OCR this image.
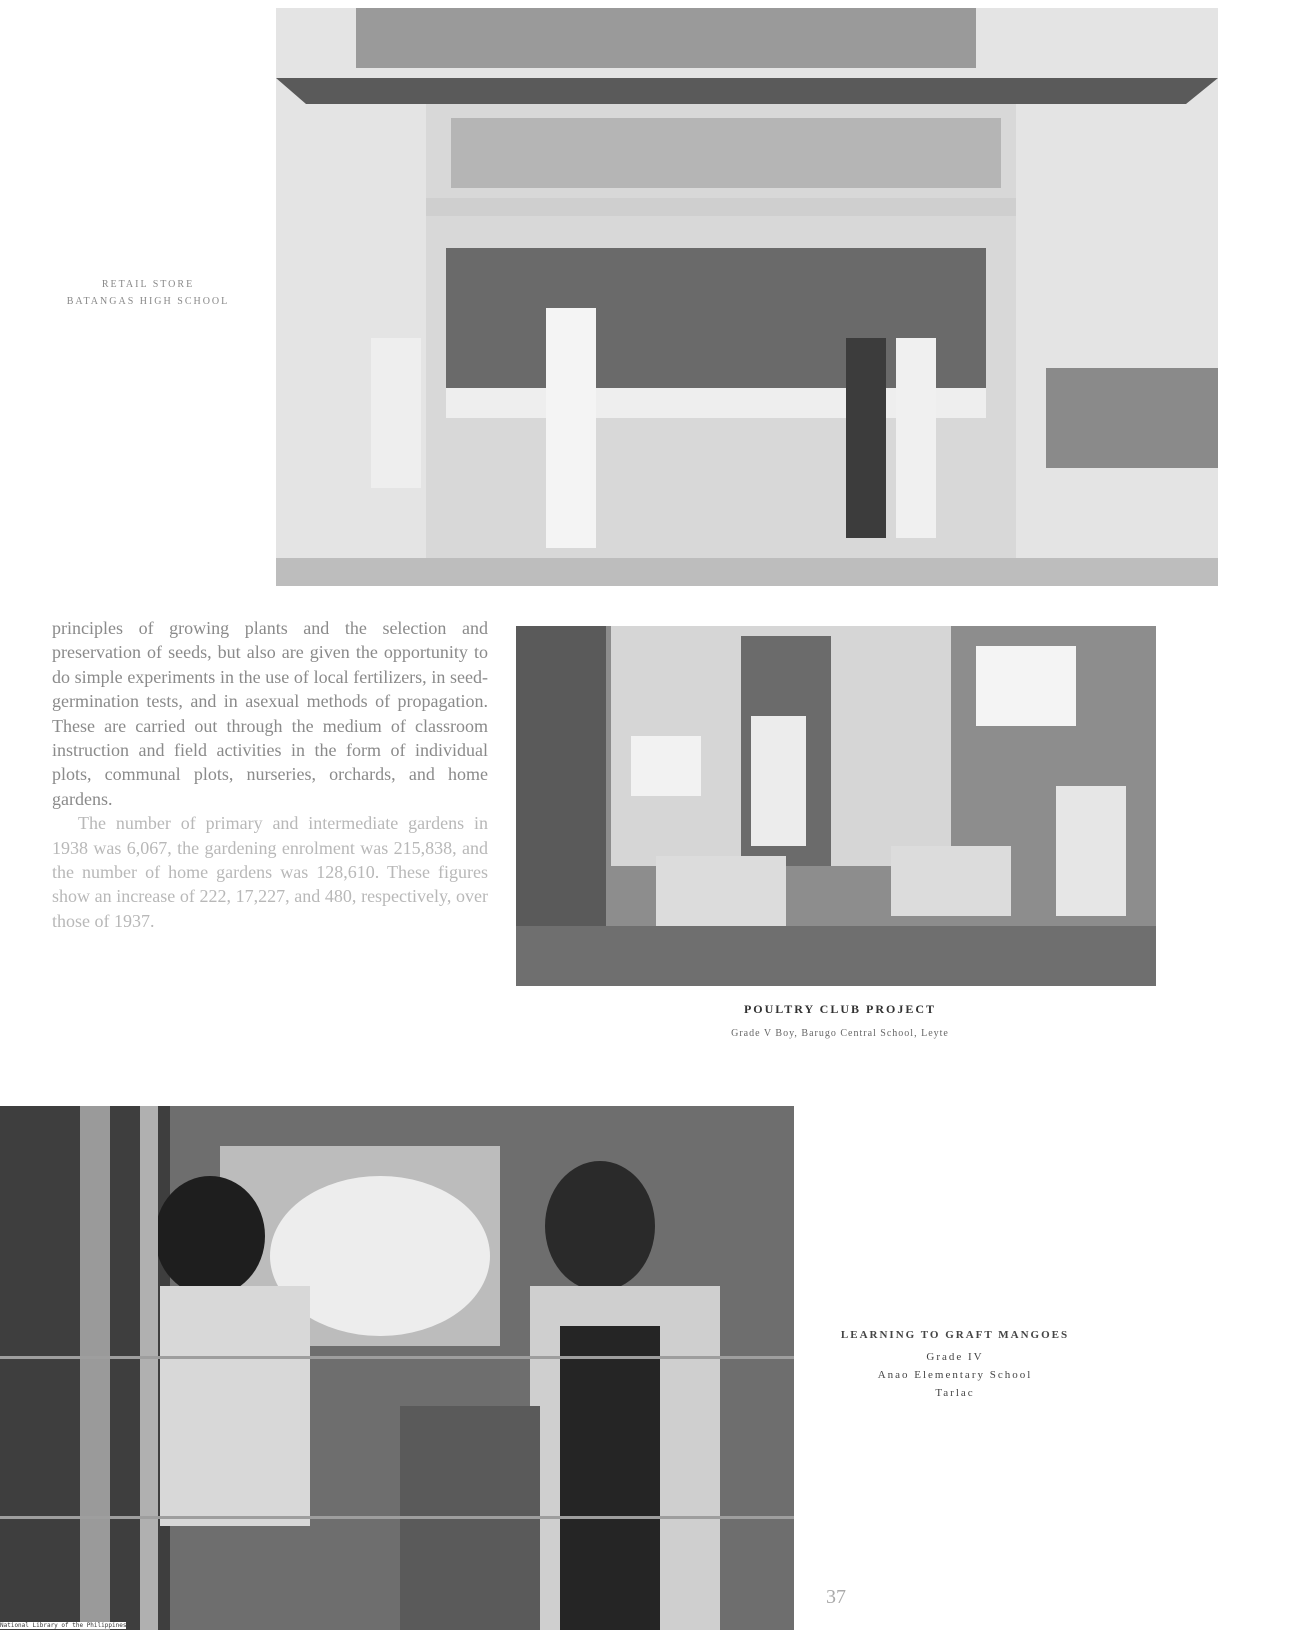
RETAIL STORE
BATANGAS HIGH SCHOOL

principles of growing plants and the selection and preservation of seeds, but also are given the opportunity to do simple experiments in the use of local fertilizers, in seed-germination tests, and in asexual methods of propagation. These are carried out through the medium of classroom instruction and field activities in the form of individual plots, communal plots, nurseries, orchards, and home gardens.

The number of primary and intermediate gardens in 1938 was 6,067, the gardening enrolment was 215,838, and the number of home gardens was 128,610. These figures show an increase of 222, 17,227, and 480, respectively, over those of 1937.

POULTRY CLUB PROJECT
Grade V Boy, Barugo Central School, Leyte
LEARNING TO GRAFT MANGOES
Grade IV
Anao Elementary School
Tarlac
37
National Library of the Philippines
